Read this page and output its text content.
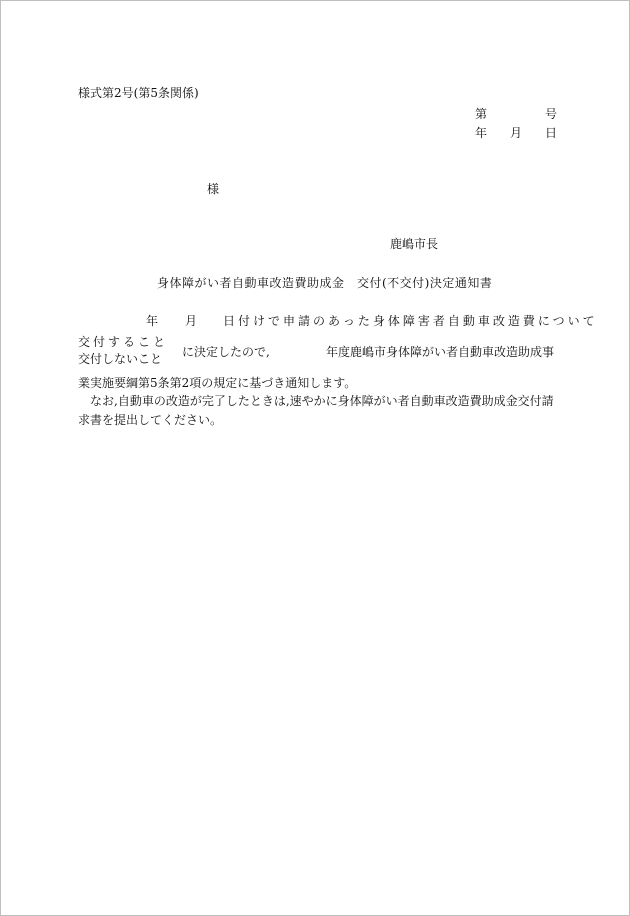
様式第2号(第5条関係)
第	号
年 月 日
様
鹿嶋市長
身体障がい者自動車改造費助成金　交付(不交付)決定通知書
年 月 日付けで申請のあった身体障害者自動車改造費について
交付すること
交付しないこと に決定したので,	年度鹿嶋市身体障がい者自動車改造助成事
業実施要綱第5条第2項の規定に基づき通知します。
　なお,自動車の改造が完了したときは,速やかに身体障がい者自動車改造費助成金交付請求書を提出してください。
